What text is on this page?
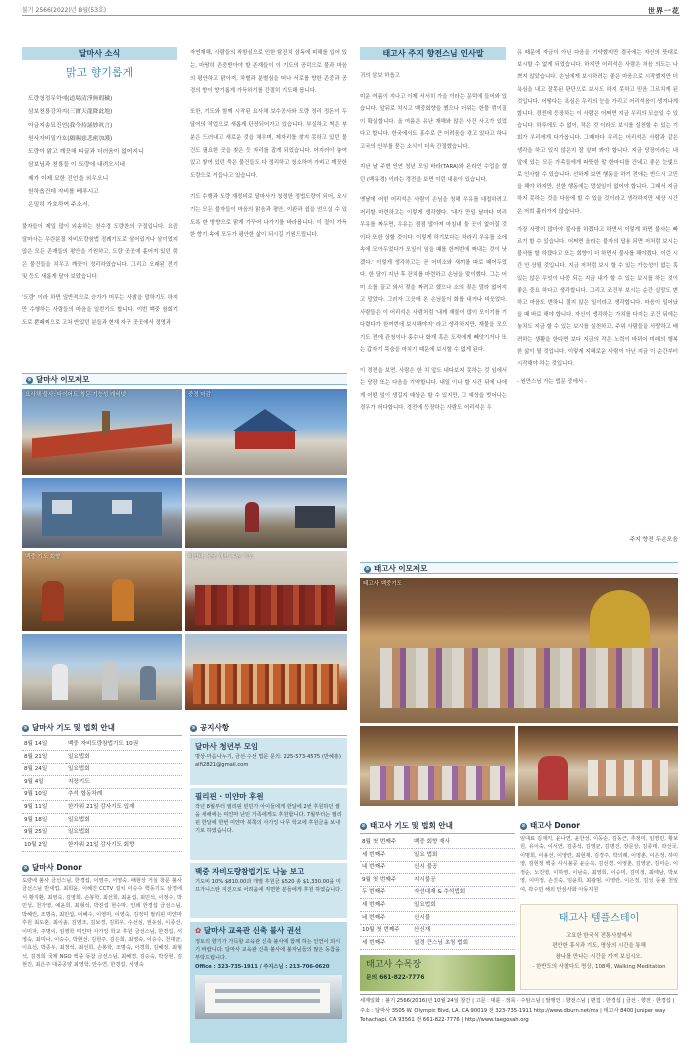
불기 2566(2022)년 8월(53호)	世界一花
달마사 소식
맑고 향기롭게

도량청정무하예(道場清淨無瑕穢)

삼보천룡강차지(三寶天龍降此地)

아금지송묘진언(我今持誦妙眞言)

원사자비밀가호(願賜慈悲密加護)

도량이 맑고 깨끗해 티끌과 더러움이 없어지니

삼보님과 천룡들 이 도량에 내려오시네

제가 이제 묘한 진언을 외우오니

원하옵건데 자비를 베푸시고

은밀히 가호하여 주소서.

불자들이 제일 많이 외송하는 천수경 도량찬의 구절입니다. 요즘 달마사는 우란분절 자비도량참법 정례기도로 삼어있거나 삼이었지 않은 모든 존재들의 평안을 기원하고, 도량 곳곳에 흩어져 있던 묶은 물건들을 치우고 깨끗이 정리하였습니다. 그리고 오래된 전기 및 등도 새롭게 달아 보았습니다.

'도량' 이라 하면 일반적으로 승가가 머무는 사찰을 말하기도 하지만 수행하는 사람들의 마음을 일컫기도 합니다. 이번 백중 참회기도로 뿐떼찌으로 고쳐 반았던 분들과 현재 자구 곳곳에서 정명과

자연재해, 사람들의 착함심으로 인한 탐진치 삼독에 피해를 입어 있는, 마땅히 존중받아야 할 존재들이 이 기도의 공덕으로 물과 마음의 평안하고 맑아져, 차별과 분별심을 떠나 서로를 향한 존중과 공경의 향이 향기롭게 가득하기를 간절히 기도해 봅니다.

또한, 기도와 함께 시작된 요사채 보수공사와 도량 정리 정돈이 두 달여의 작업으로 새롭게 단장되어가고 있습니다. 부실하고 썩은 부분은 드러내고 새로운 것을 채우며, 제자리를 찾지 못하고 있던 물건도 필요한 곳을 찾은 듯 자리를 잡게 되었습니다. 어지러이 놓여 있고 쌓여 있던 묵은 물건들도 다 정리하고 청소하여 가벼고 깨끗한 도량으로 거듭나고 있습니다.

기도 수행과 도량 재정비로 달마사가 청정한 정법도량이 되어, 오시기는 모든 불자들이 마음의 맑음과 평안, 이완과 쉼을 얻으실 수 있도록 한 방향으로 맑게 가꾸어 나가기를 바라봅니다. 이 절이 가득한 향기 속에 모두가 평안한 삶이 되시길 기원드립니다.

태고사 주지 향전스님 인사말

귀의 삼보 하옵고

미운 여름이 지나고 이제 서서히 가을 이라는 문턱에 들어와 있습니다. 앞뒤로 치시고 백중회향을 했으나 더위는 한풀 꺾이질이 확실합니다. 올 여름은 유난 재해와 많은 사건 사고가 있었다고 합니다. 한국에서도 홍수로 큰 어려움을 겪고 있다고 하니 고국의 안부를 묻는 소식이 더욱 간절했습니다.

지난 날 주변 인연 청년 모임 바라(TARA)와 온라인 수업을 했던 (백유경) 이라는 경전을 보면 이런 내용이 있습니다.

옛날에 어떤 어리석은 사람이 손님을 청해 우유를 대접하려고 저리할 마련하고는 이렇게 생각했다. '내가 만일 날마다 미리 우유를 짜두면, 우유는 점점 많아져 마침내 둘 곳이 없어질 것이다 또한 상할 것이다. 이렇게 하기보다는 차라리 우유를 소에 속에 모아두었다가 모일이 임을 때를 한꺼번에 짜내는 것이 낫겠다.' 이렇게 생각하고는 곧 어미소와 새끼를 따로 떼어두었다. 한 달이 지난 후 잔치를 마련하고 손님을 맞이했다. 그는 어미 소를 끌고 와서 젖을 짜려고 했으나 소의 젖은 말라 없어지고 말았다. 그러자 그곳에 온 손님들이 화를 내거나 비웃었다. 사람들은 이 어리석은 사람처럼 '내게 재물이 많이 모이기를 기다렸다가 한꺼번에 보시해야지' 라고 생각하지만, 재물을 모으기도 전에 관청이나 홍수나 화재 혹은 도적에게 빼앗기거나 또는 갑자기 목숨을 마치기 때문에 보시할 수 없게 된다.

이 경전을 보면, 사람은 한 치 앞도 내다보지 못하는 것 임에서는 당장 또는 다음을 기약합니다. 내일 이나 할 시간 뒤에 나에게 어떤 일이 생길지 예상은 할 수 있지만, 그 예상을 벗어나는 경우가 허다합니다. 경전에 등장하는 사람도 어리석은 우

유 때문에 자금이 아닌 다음을 기약했지만 결국에는 자신의 뜻대로 보시할 수 없게 되었습니다. 하지만 어리석은 사람은 처음 의도는 나쁘지 않았습니다. 손님에게 보시하려는 좋은 마음으로 시작했지만 더 욕심을 내고 잘못된 판단으로 보시도 하지 못하고 믿음 그르치게 된 것입니다. 어떻다는 욕심은 우리의 눈을 가리고 어리석음이 생겨나게 합니다. 경전에 등장하는 이 사람은 어쩌면 지금 우리의 모습일 수 있습니다. 하루에도 수 없이, 작은 것 이라도 보시를 실천할 수 있는 기회가 우리에게 다가옵니다. 그때마다 우리는 어리석은 사람과 같은 생각을 하고 있지 않은지 잘 살펴 봐야 합니다. 지금 당장이라는 내 앞에 있는 모든 가족들에게 따뜻한 말 한마디를 건네고 좋은 눈빛으로 인사할 수 있습니다. 선하게 보면 행동을 하기 전에는 반드시 고민을 해야 하지만, 선한 행동에는 망설임이 없어야 합니다. 그래서 지금 하지 못하는 것을 다음에 할 수 있을 것이라고 생각하지만 세상 시간은 저희 흘러가지 않습니다.

가장 사랑이 많아야 불사를 하겠다고 하면서 이렇게 하면 불사는 빠르기 할 수 있습니다. 어쩌면 올라는 불자의 답용 되면 저처럼 보시는 불사를 할 하겠다고 또는 회향이 더 하면서 불사를 해야겠다. 이런 시간 안 상될 것입니다. 지금 저처럼 보시 할 수 있는 가능성이 없는 혹 있는 않은 무엇이 나중 되는 지금 내가 할 수 있는 보시를 하는 것이 좋은 중요 하다고 생각합니다. 그리고 조건부 보시는 순간 실망도 변하고 마음도 변하니 절지 않은 일이라고 생각합니다. 마음이 일어났을 때 바로 해야 합니다. 자신이 생각하는 가치를 다지는 조건 뒤에는 놓치도 지금 할 수 있는 보시를 실천하고, 주위 사람들을 사랑하고 배려하는 생활을 한다면 보다 지금의 작은 노력이 바뀌어 미래의 행복한 삶이 될 것입니다. 이렇게 지혜로운 사람이 아닌 지금 이 순간부터 시작해야 하는 것입니다.

- 원만스님 가는 법문 중에서 -

주지 향전 두손모음
⊙ 달마사 이모저모
요사채 불사: 타이어트 창문 기능성 캐비넷	중정 마감
백중 기도 회향	미얀마 식당 개선 후원 기도
⊙ 태고사 이모저모
태고사 백중기도
⊙ 달마사 기도 및 법회 안내
8월 14일	백중 자비도량참법기도 10권
8월 21일	일요법회
8월 24일	일요법회
9월 4일	지장기도
9월 10일	추석 합동차례
9월 11일	한가위 21일 감사기도 입재
9월 18일	일요법회
9월 25일	일요법회
10월 2일	한가위 21일 감사기도 회향
⊙ 달마사 Donor
도량에 불사 금선스님, 한경섭, 이영주, 서영숙, 배현상 거실 창문 불사 금선스님 반세업, 최희윤, 이혜진 CCTV 설치 이승수 핵동기도 삼경에서 황지환, 최영숙, 김영희, 손봉학, 최선희, 최윤섭, 최민석, 이정수, 박민성, 천가영, 예윤희, 최형석, 박진섭 현수막, 인쇄 한경섭 금선스님, 박혜린, 조명숙, 최민섭, 이혜수, 이영미, 이영숙, 김정미 필리핀 미얀마 후원 최도훈, 최이솔, 김영조, 김보경, 김희우, 수선심, 권유심, 이종선, 이미자, 주명이, 임행학 미얀마 사가잉 학교 후원 금선스님, 한경섭, 서영숙, 최미나, 이승수, 박현선, 김현주, 김은희, 최영숙, 이승수, 천대균, 이효선, 박종우, 최정석, 최선희, 손봉학, 조명숙, 이경희, 김혜정, 최형석, 김정희 국제 NGO 백중 동참 금선스님, 최혜경, 김승숙, 박상현, 김현진, 최은주 대중공양 최영학, 안수연, 한경섭, 서영숙
⊙ 공지사항
달마사 청년부 모임

명상·마음나누기, 금선·수선 법문 문의: 225-573-4575 (반혜홍) alfi2821@gmail.com

필리핀 · 미얀마 후원

작년 8월부터 필리핀 빈민가 아이들에게 한달에 2번 후원하던 쌀을 새해에는 미얀마 난민 가족에게도 후원합니다. 7월부터는 필리핀 한달에 한번 미얀마 북쪽의 사가잉 나무 학교에 후원금을 보내기로 하였습니다.

백중 자비도량참법기도 나눔 보고

기도비 10% $810.00과 개별 후원금 $520 총 $1,330.00을 미프가니스탄 지진으로 어려움에 직면한 분들에게 후원 하였습니다.

✿ 달마사 교육관 신축 불사 권선

정토의 향기가 가득할 교육관 신축 불사에 함께 하는 인연이 되시기 바랍니다. 달마사 교육관 신축 불사에 불자님들의 많은 동참을 부탁드립니다.

Office : 323-735-1911 / 주지스님 : 213-706-0620

⊙ 태고사 기도 및 법회 안내
8월 첫 번째주	백중 회향 재사
세 번째주	일요 법회
네 번째주	신시 불공
9월 첫 번째주	지시불공
두 번째주	자선대재 & 추석법회
세 번째주	일요법회
네 번째주	신시불
10월 첫 번째주	산신재
세 번째주	설정 큰스님 초청 법회
태고사 수목장
문의 661-822-7776
⊙ 태고사 Donor
임대료 김재키, 윤나연, 윤한성, 이동순, 김동근, 추정미, 임영민, 황보원, 유이숙, 이서연, 김종석, 김영균, 김명진, 장문상, 김종태, 곽선국, 이명희, 이용선, 이영란, 최현재, 김경주, 박의례, 이영춘, 이은정, 하미영, 김현정 백중 사시불공 윤순옥, 김선경, 이영춘, 김영균, 김미순, 이정순, 노진영, 이하영, 이남숙, 최영희, 이승미, 김미정, 최태남, 박보영, 이미정, 손진숙, 임윤희, 최광범, 이영란, 이은정, 김성 등불 천일여, 곽수민 해외 안심사화 아동지원
태고사 템플스테이

고요한 한국식 전통사찰에서

편안한 휴식과 기도, 명상의 시간을 통해

참나를 만나는 시간을 가져 보십시오.

- 한반도의 사찰다도 명상, 108배, Walking Meditation

세계일화 : 불기 2566(2016)년 10월 24일 창간 | 고문 : 대륜 · 정묵 · 수암스님 | 발행인 : 향전스님 | 편집 : 한경섭 | 금선 · 향전 · 한경섭 | 주소 : 달마사 3505 W. Olympic Blvd, LA. CA 90019 전 323-735-1911 http://www.dburn.net/ms | 태고사 8400 Juniper way Tehachapi, CA 93561 전 661-822-7776 | http://www.taegosah.org
